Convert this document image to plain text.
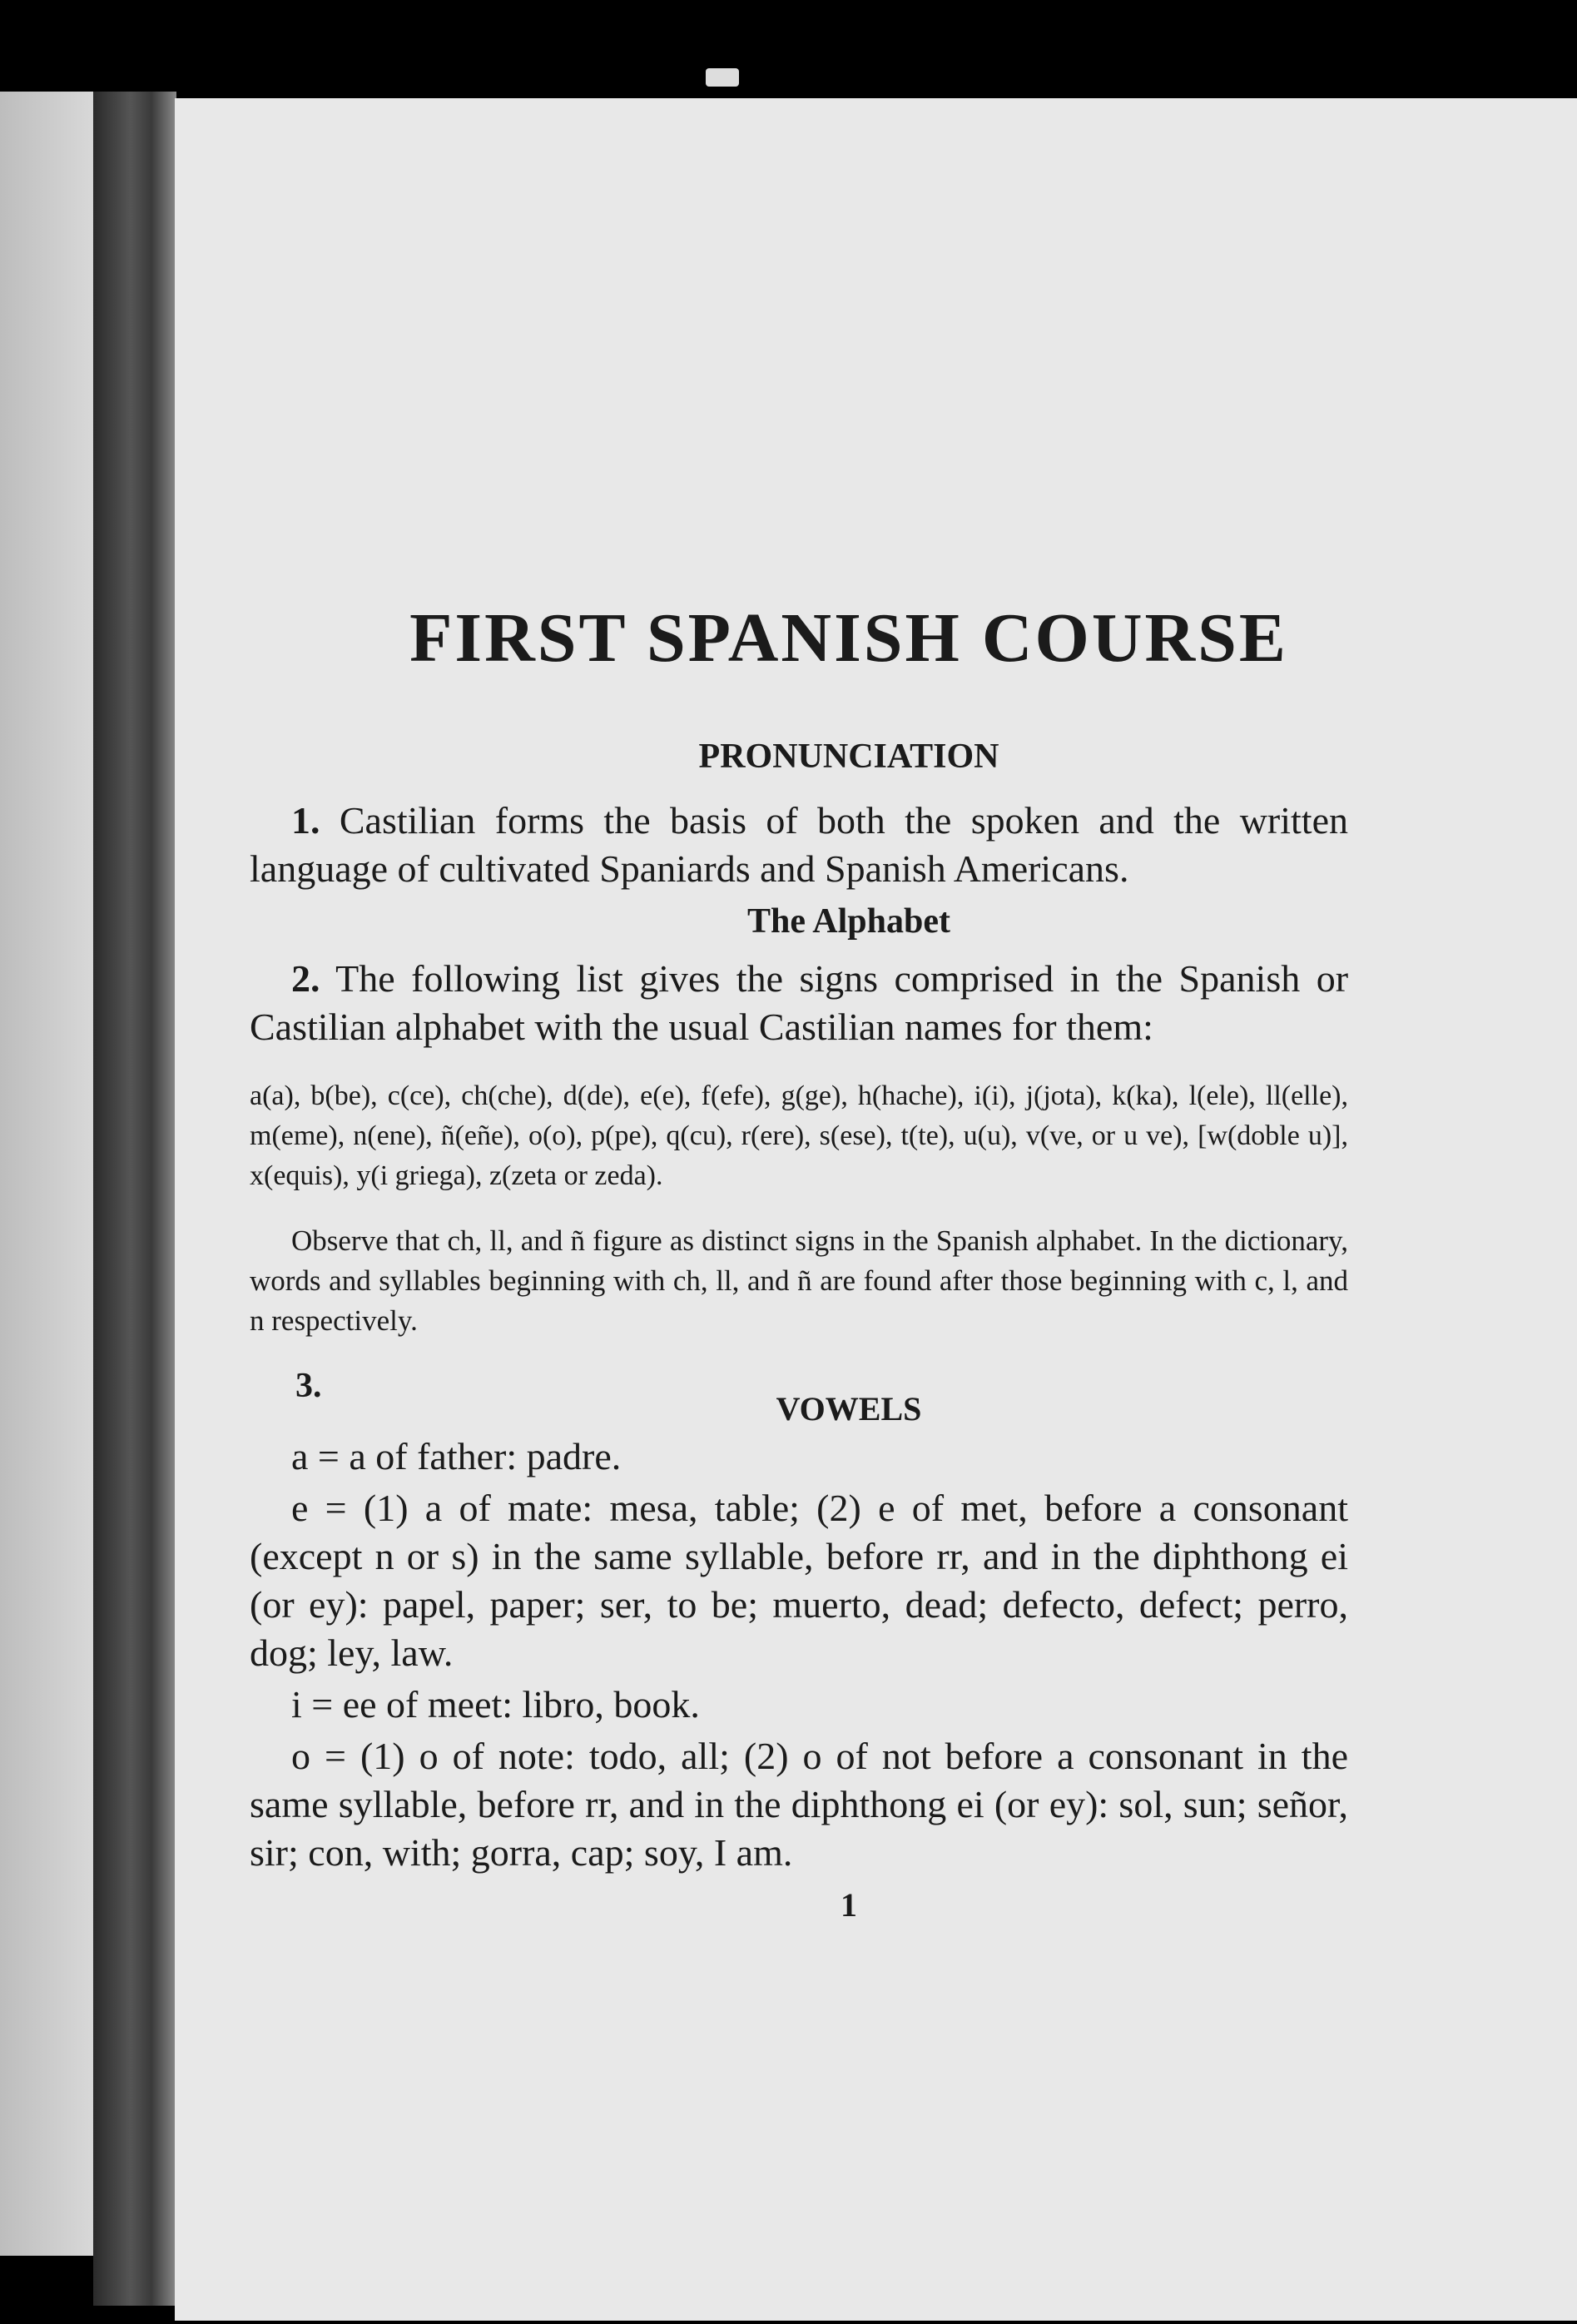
FIRST SPANISH COURSE
PRONUNCIATION

1. Castilian forms the basis of both the spoken and the written language of cultivated Spaniards and Spanish Americans.

The Alphabet

2. The following list gives the signs comprised in the Spanish or Castilian alphabet with the usual Castilian names for them:

a(a), b(be), c(ce), ch(che), d(de), e(e), f(efe), g(ge), h(hache), i(i), j(jota), k(ka), l(ele), ll(elle), m(eme), n(ene), ñ(eñe), o(o), p(pe), q(cu), r(ere), s(ese), t(te), u(u), v(ve, or u ve), [w(doble u)], x(equis), y(i griega), z(zeta or zeda).

Observe that ch, ll, and ñ figure as distinct signs in the Spanish alphabet. In the dictionary, words and syllables beginning with ch, ll, and ñ are found after those beginning with c, l, and n respectively.

3.
VOWELS

a = a of father: padre.

e = (1) a of mate: mesa, table; (2) e of met, before a consonant (except n or s) in the same syllable, before rr, and in the diphthong ei (or ey): papel, paper; ser, to be; muerto, dead; defecto, defect; perro, dog; ley, law.

i = ee of meet: libro, book.

o = (1) o of note: todo, all; (2) o of not before a consonant in the same syllable, before rr, and in the diphthong ei (or ey): sol, sun; señor, sir; con, with; gorra, cap; soy, I am.

1
